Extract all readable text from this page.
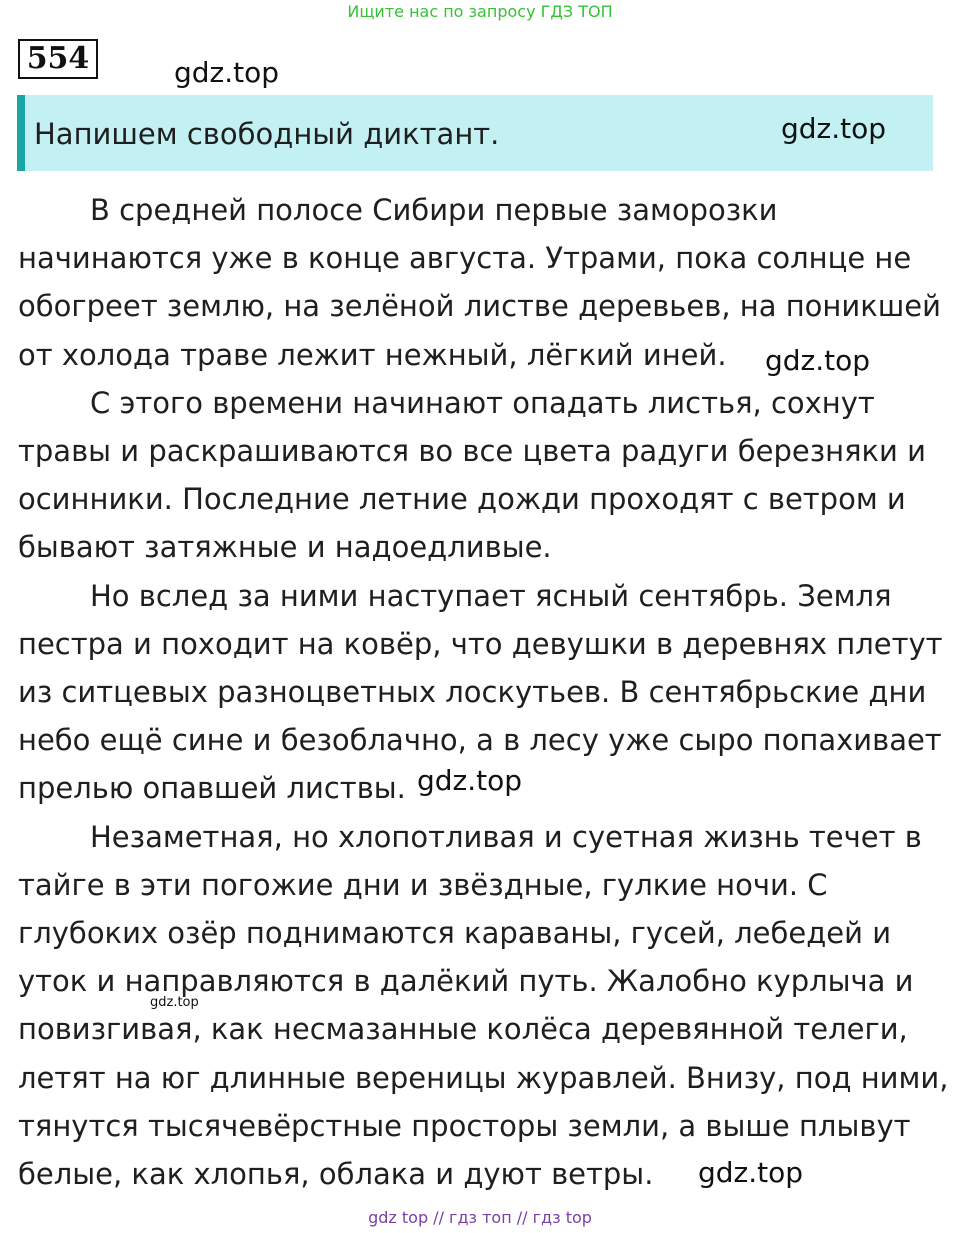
Ищите нас по запросу ГДЗ ТОП
554	gdz.top
Напишем свободный диктант.	gdz.top

В средней полосе Сибири первые заморозки начинаются уже в конце августа. Утрами, пока солнце не обогреет землю, на зелёной листве деревьев, на поникшей от холода траве лежит нежный, лёгкий иней.

С этого времени начинают опадать листья, сохнут травы и раскрашиваются во все цвета радуги березняки и осинники. Последние летние дожди проходят с ветром и бывают затяжные и надоедливые.

Но вслед за ними наступает ясный сентябрь. Земля пестра и походит на ковёр, что девушки в деревнях плетут из ситцевых разноцветных лоскутьев. В сентябрьские дни небо ещё сине и безоблачно, а в лесу уже сыро попахивает прелью опавшей листвы.

Незаметная, но хлопотливая и суетная жизнь течет в тайге в эти погожие дни и звёздные, гулкие ночи. С глубоких озёр поднимаются караваны, гусей, лебедей и уток и направляются в далёкий путь. Жалобно курлыча и повизгивая, как несмазанные колёса деревянной телеги, летят на юг длинные вереницы журавлей. Внизу, под ними, тянутся тысячевёрстные просторы земли, а выше плывут белые, как хлопья, облака и дуют ветры.

gdz.top
gdz.top
gdz.top
gdz.top
gdz top // гдз топ // гдз top
